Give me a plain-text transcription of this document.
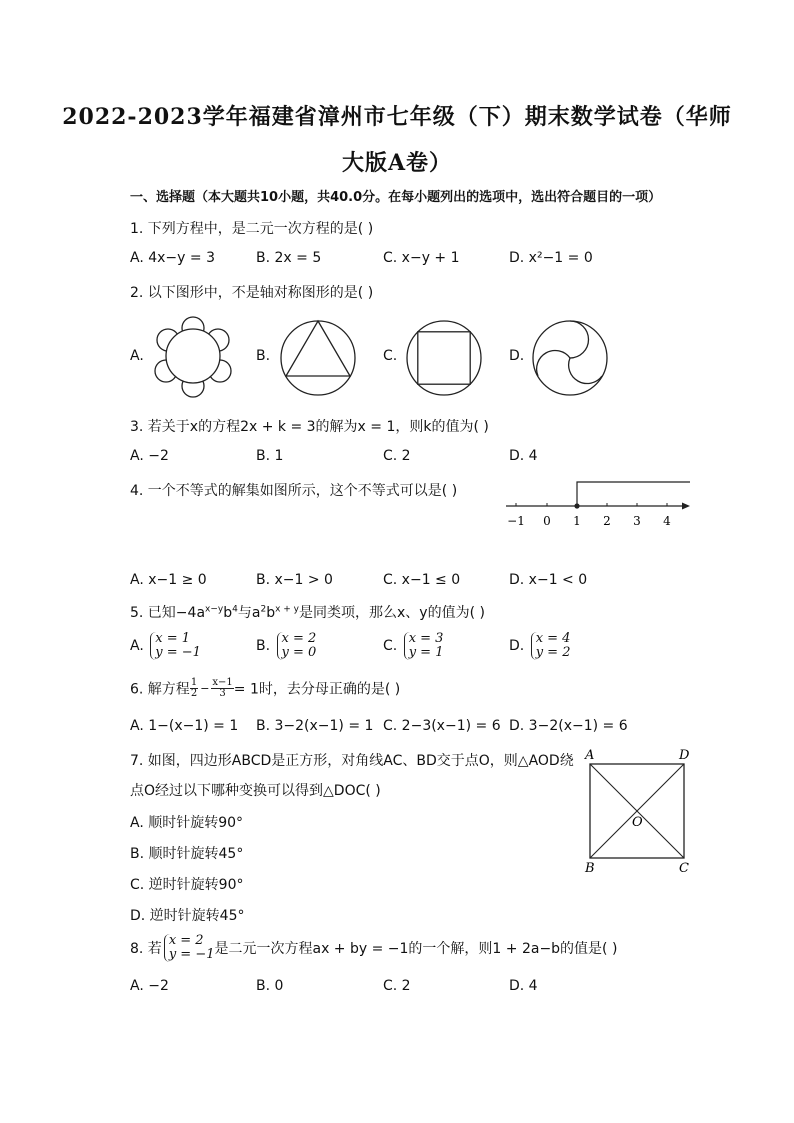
2022-2023学年福建省漳州市七年级（下）期末数学试卷（华师
大版A卷）
一、选择题（本大题共10小题，共40.0分。在每小题列出的选项中，选出符合题目的一项）
1. 下列方程中，是二元一次方程的是( )
A. 4x−y = 3	B. 2x = 5	C. x−y + 1	D. x²−1 = 0
2. 以下图形中，不是轴对称图形的是( )
A.	B.	C.	D.
3. 若关于x的方程2x + k = 3的解为x = 1，则k的值为( )
A. −2	B. 1	C. 2	D. 4
4. 一个不等式的解集如图所示，这个不等式可以是( )
−1 0 1 2 3 4
A. x−1 ≥ 0	B. x−1 > 0	C. x−1 ≤ 0	D. x−1 < 0
5. 已知$-4a^{x-y}b^4$与$a^2b^{x + y}$是同类项，那么x、y的值为( )
A. x = 1
y = −1	B. x = 2
y = 0	C. x = 3
y = 1	D. x = 4
y = 2
6. 解方程 $\frac{1}{2} - \frac{x-1}{3} = 1$时，去分母正确的是( )
A. 1−(x−1) = 1 B. 3−2(x−1) = 1 C. 2−3(x−1) = 6 D. 3−2(x−1) = 6
7. 如图，四边形ABCD是正方形，对角线AC、BD交于点O，则△AOD绕
点O经过以下哪种变换可以得到△DOC( )
A. 顺时针旋转90°
B. 顺时针旋转45°
C. 逆时针旋转90°
D. 逆时针旋转45°
A	D
O
B	C
8. 若
x = 2
y = −1 是二元一次方程ax + by = −1的一个解，则1 + 2a−b的值是( )
A. −2	B. 0	C. 2	D. 4
